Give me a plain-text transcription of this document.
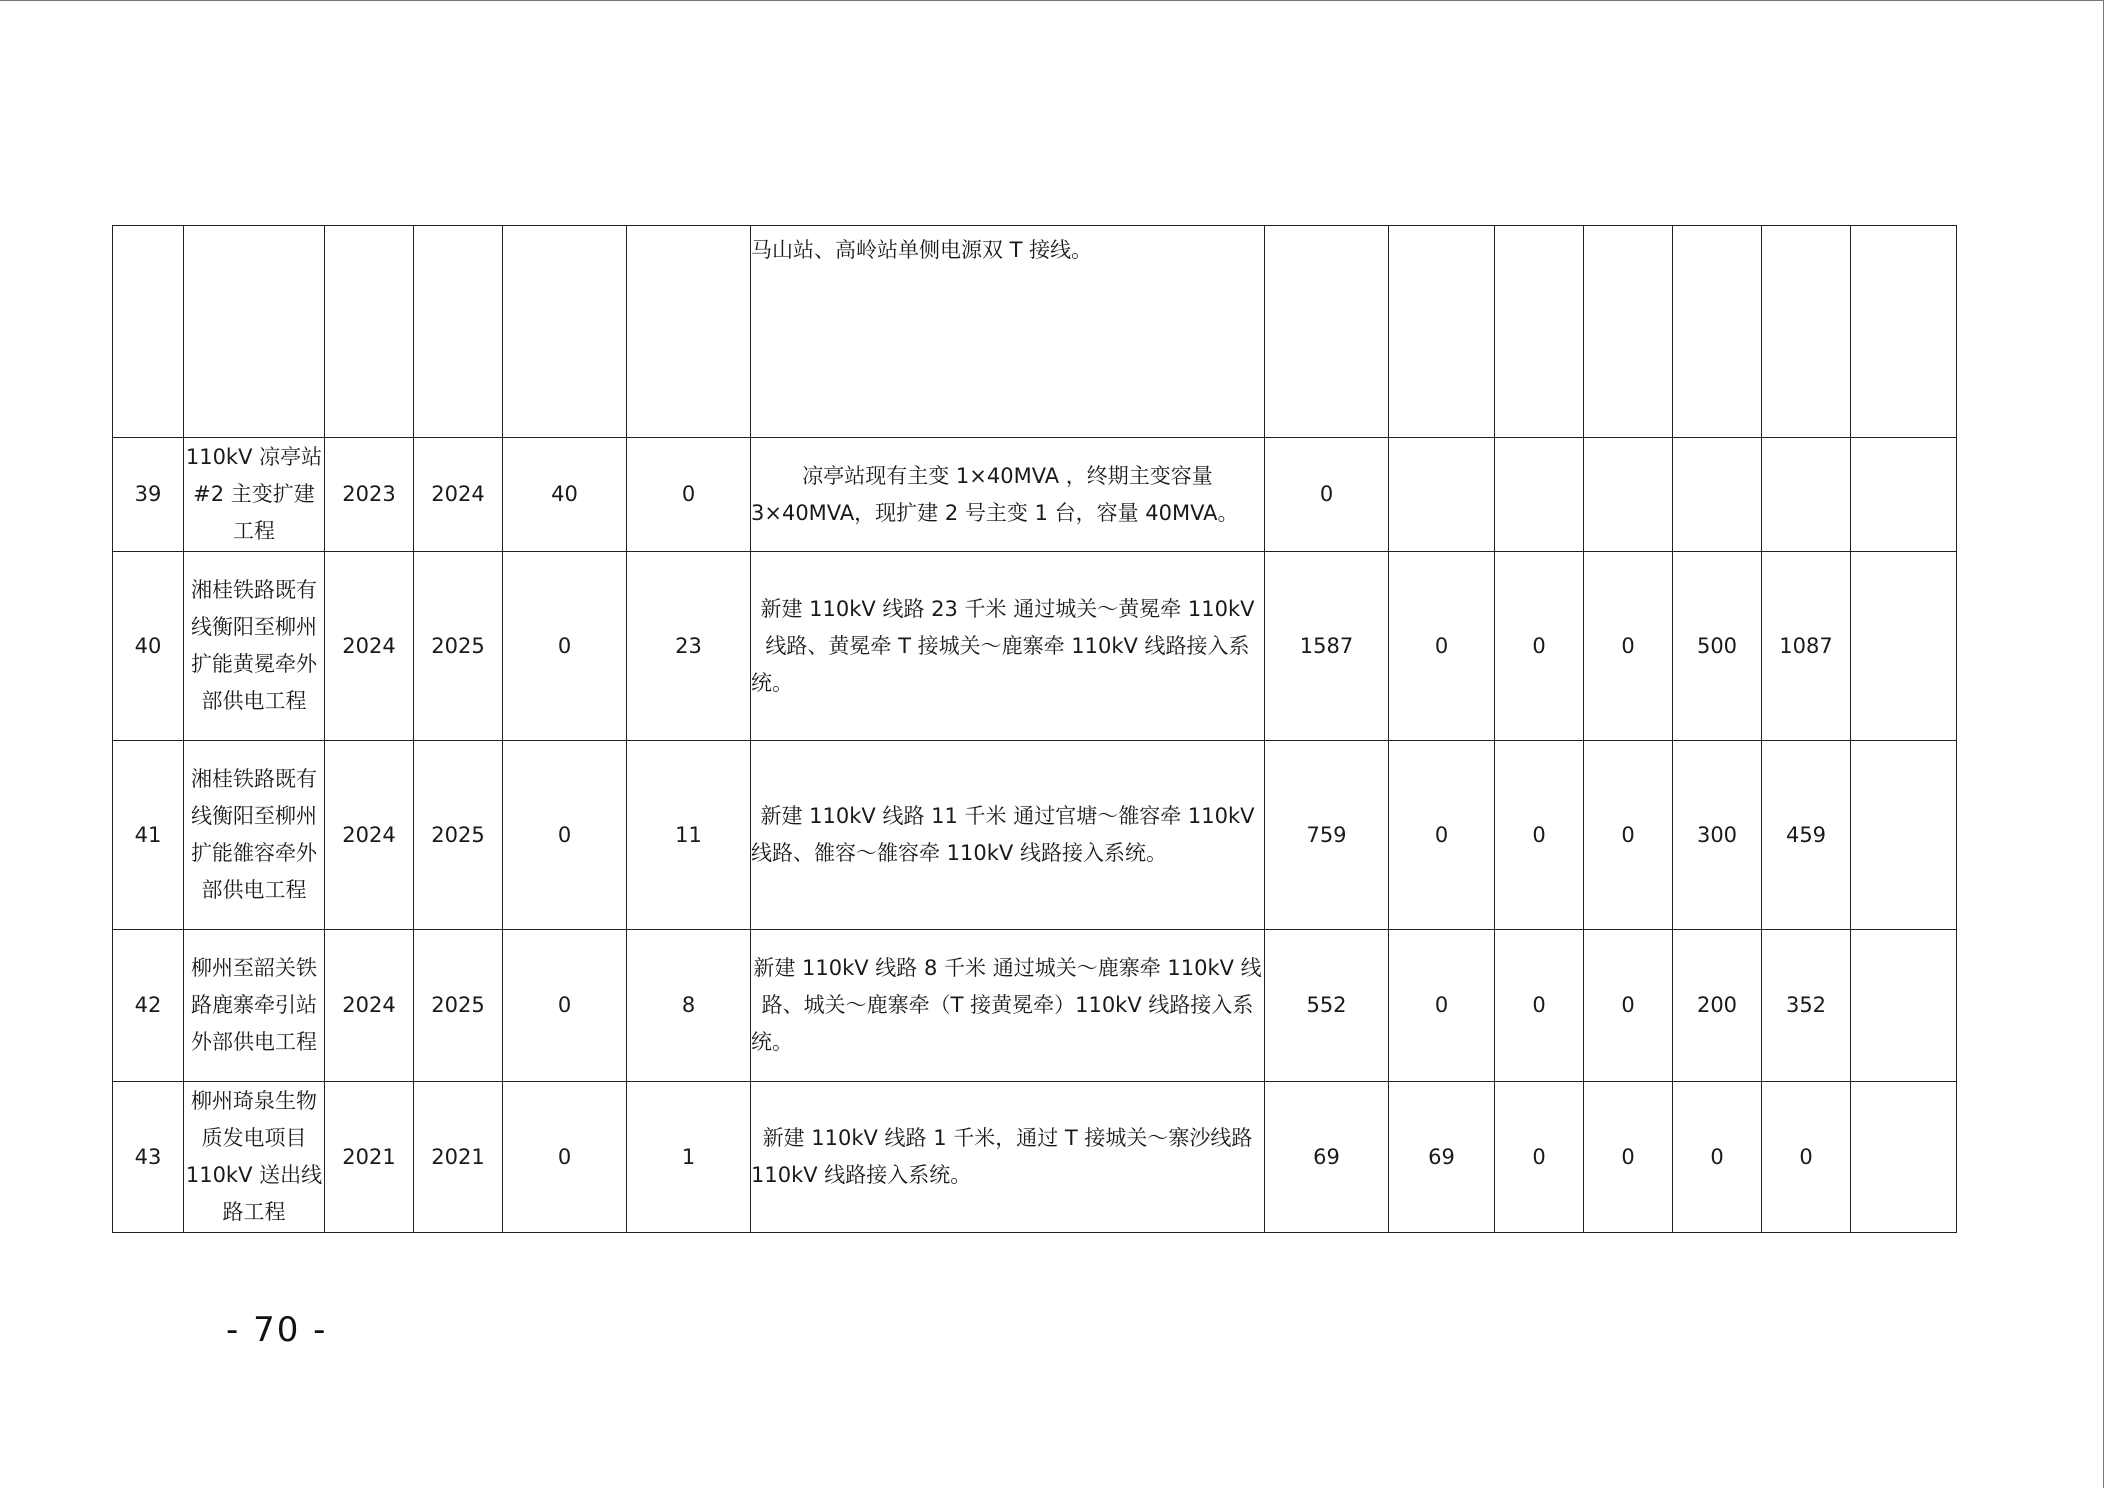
						马山站、高岭站单侧电源双 T 接线。							
39	110kV 凉亭站#2 主变扩建工程	2023	2024	40	0	凉亭站现有主变 1×40MVA ，终期主变容量 3×40MVA，现扩建 2 号主变 1 台，容量 40MVA。	0						
40	湘桂铁路既有线衡阳至柳州扩能黄冕牵外部供电工程	2024	2025	0	23	新建 110kV 线路 23 千米 通过城关～黄冕牵 110kV 线路、黄冕牵 T 接城关～鹿寨牵 110kV 线路接入系统。	1587	0	0	0	500	1087	
41	湘桂铁路既有线衡阳至柳州扩能雒容牵外部供电工程	2024	2025	0	11	新建 110kV 线路 11 千米 通过官塘～雒容牵 110kV 线路、雒容～雒容牵 110kV 线路接入系统。	759	0	0	0	300	459	
42	柳州至韶关铁路鹿寨牵引站外部供电工程	2024	2025	0	8	新建 110kV 线路 8 千米 通过城关～鹿寨牵 110kV 线路、城关～鹿寨牵（T 接黄冕牵）110kV 线路接入系统。	552	0	0	0	200	352	
43	柳州琦泉生物质发电项目 110kV 送出线路工程	2021	2021	0	1	新建 110kV 线路 1 千米，通过 T 接城关～寨沙线路 110kV 线路接入系统。	69	69	0	0	0	0	
- 70 -
